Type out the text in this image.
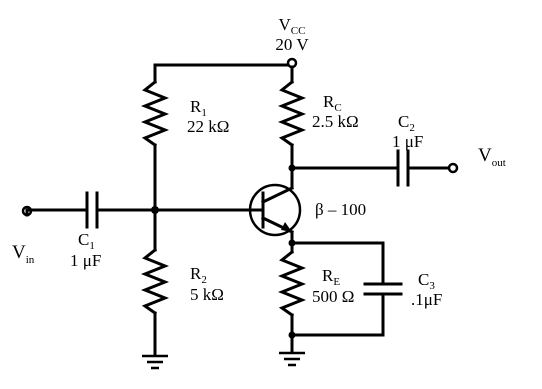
$V_{CC}$
20 V
$R_1$
22 kΩ
$R_C$
2.5 kΩ $C_2$
1 μF
$V_{out}$
β – 100
$C_1$
1 μF
$V_{in}$
$R_2$
5 kΩ
$R_E$
500 Ω
$C_3$
.1μF
